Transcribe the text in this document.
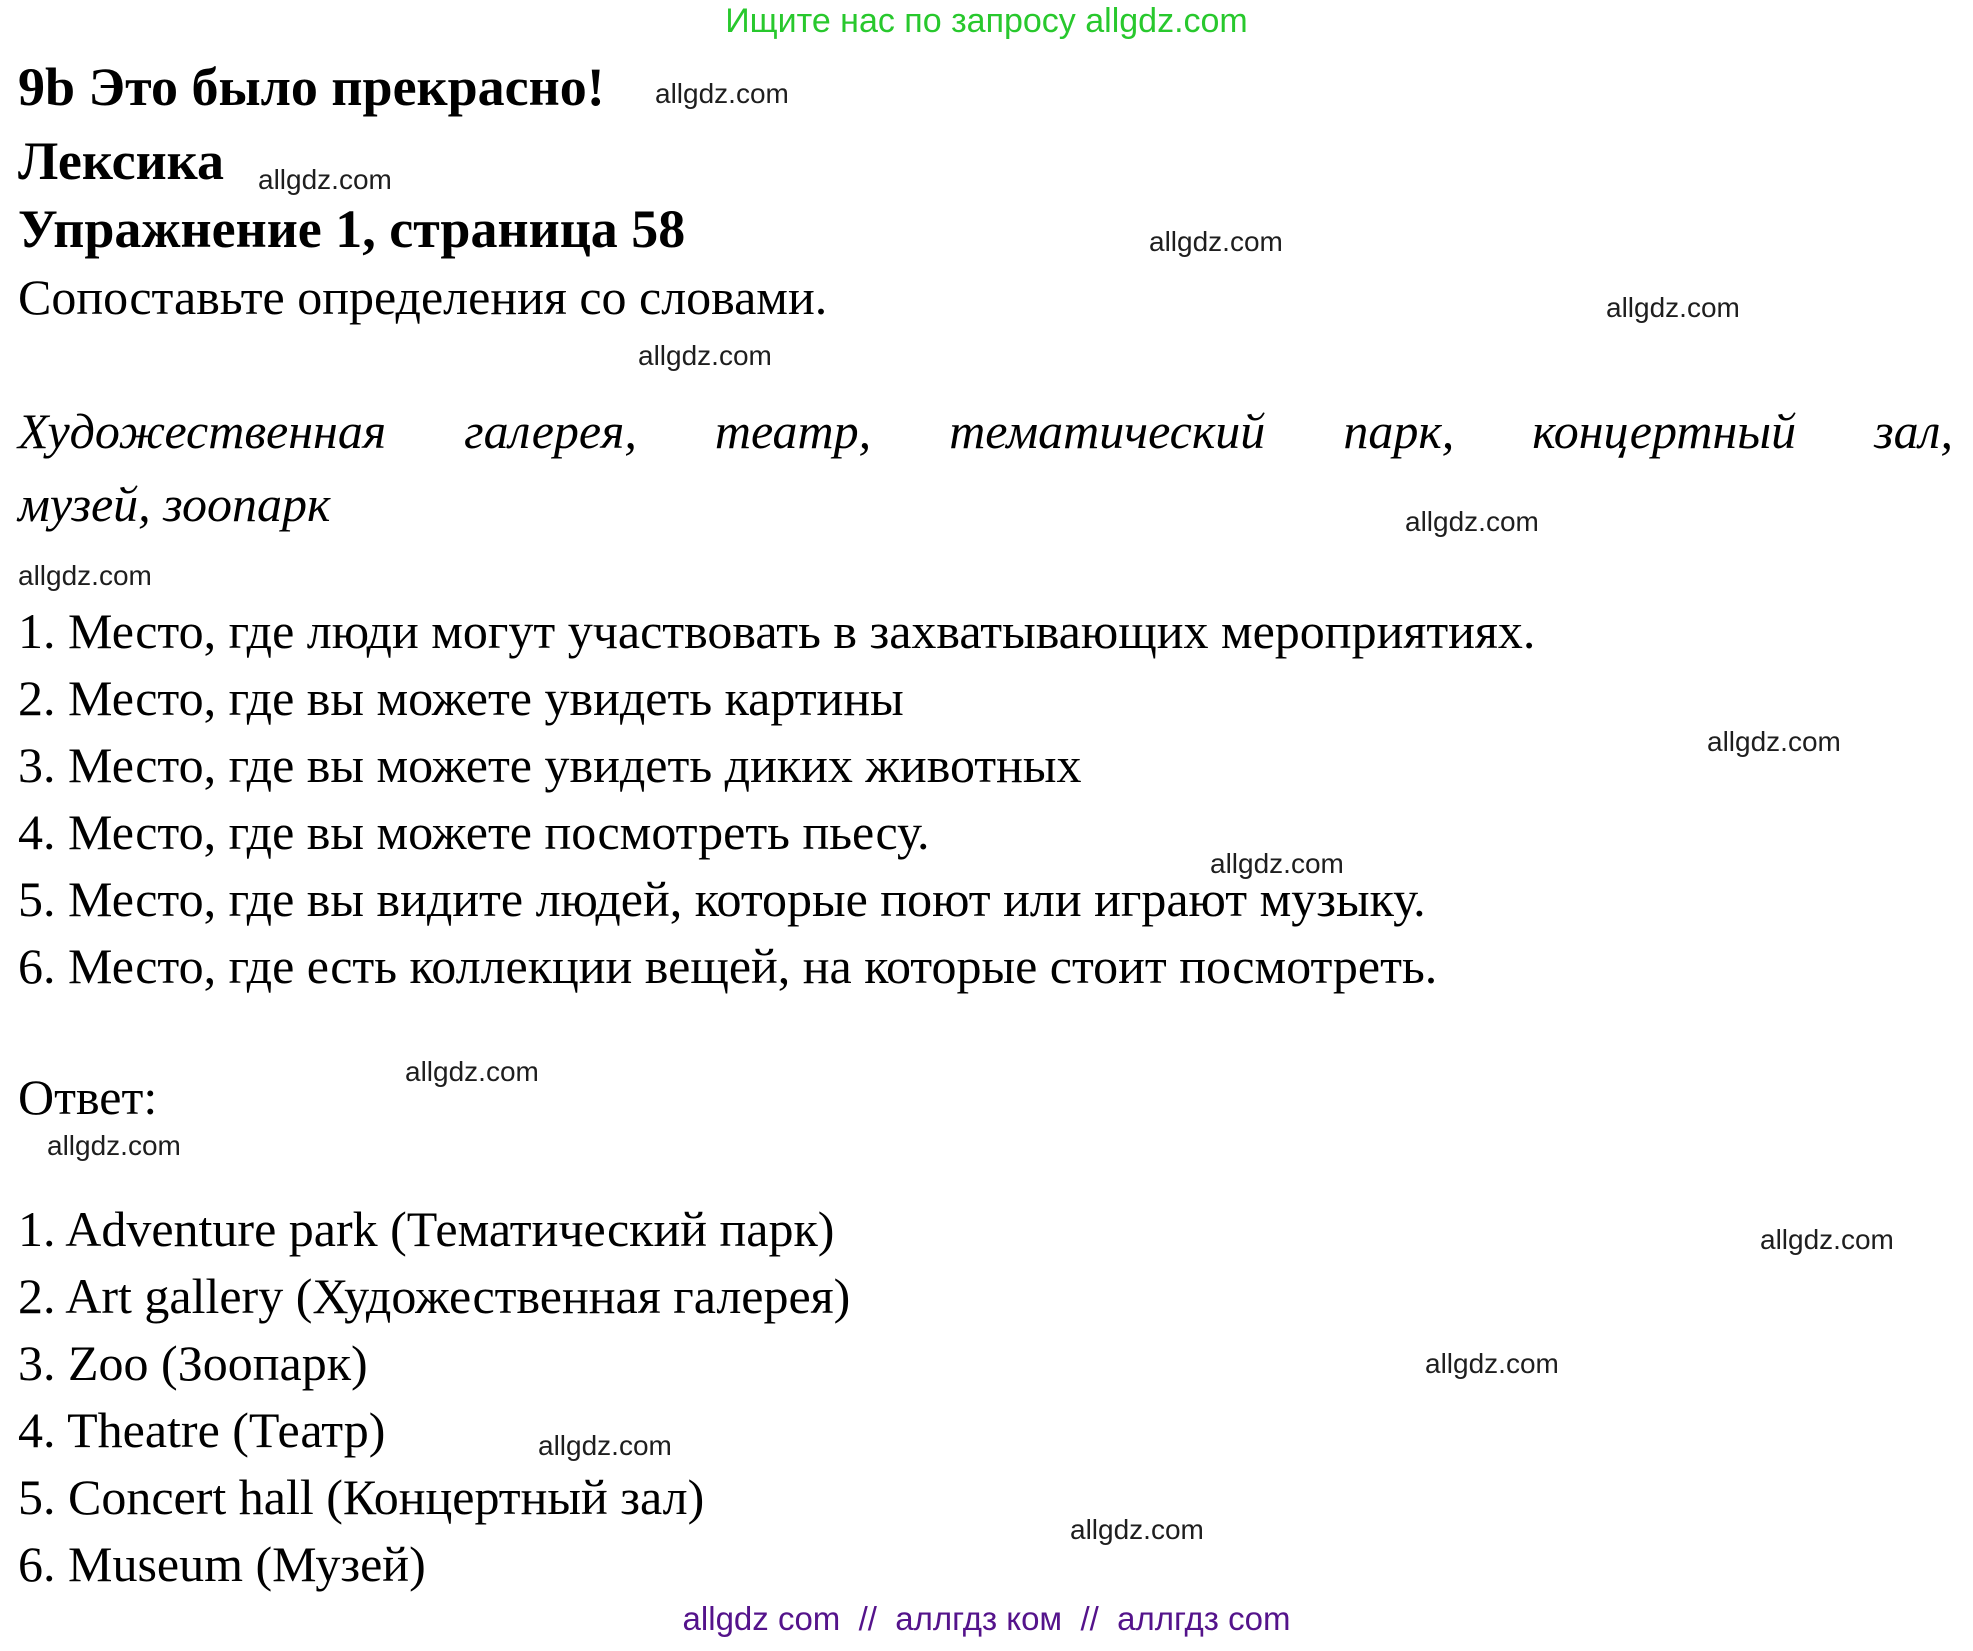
Ищите нас по запросу allgdz.com
9b Это было прекрасно!
Лексика
Упражнение 1, страница 58
Сопоставьте определения со словами.
Художественная галерея, театр, тематический парк, концертный зал,
музей, зоопарк
1. Место, где люди могут участвовать в захватывающих мероприятиях.
2. Место, где вы можете увидеть картины
3. Место, где вы можете увидеть диких животных
4. Место, где вы можете посмотреть пьесу.
5. Место, где вы видите людей, которые поют или играют музыку.
6. Место, где есть коллекции вещей, на которые стоит посмотреть.
Ответ:
1. Adventure park (Тематический парк)
2. Art gallery (Художественная галерея)
3. Zoo (Зоопарк)
4. Theatre (Театр)
5. Concert hall (Концертный зал)
6. Museum (Музей)
allgdz.com
allgdz.com
allgdz.com
allgdz.com
allgdz.com
allgdz.com
allgdz.com
allgdz.com
allgdz.com
allgdz.com
allgdz.com
allgdz.com
allgdz.com
allgdz.com
allgdz.com
allgdz com  //  аллгдз ком  //  аллгдз com
